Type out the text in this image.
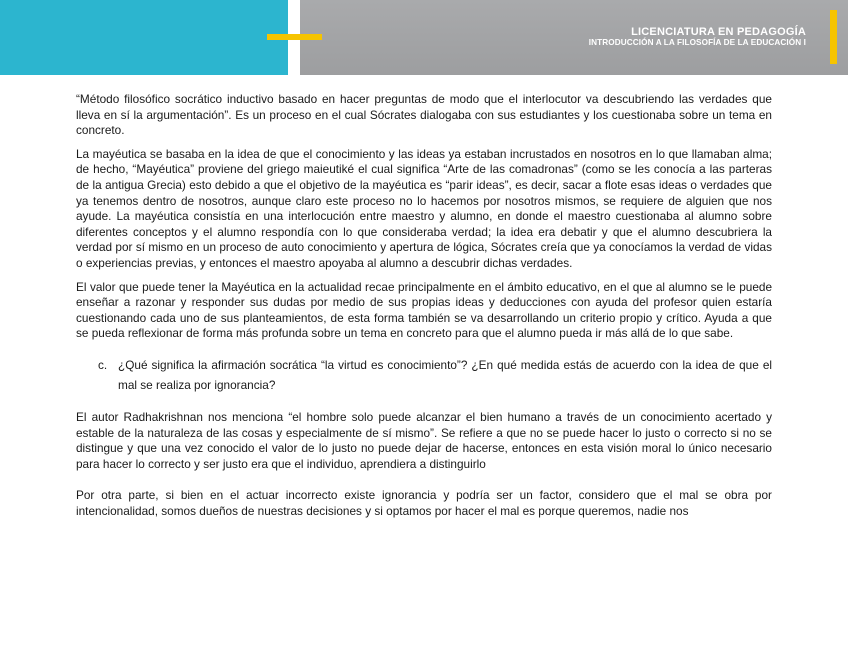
LICENCIATURA EN PEDAGOGÍA
INTRODUCCIÓN A LA FILOSOFÍA DE LA EDUCACIÓN I

“Método filosófico socrático inductivo basado en hacer preguntas de modo que el interlocutor va descubriendo las verdades que lleva en sí la argumentación”. Es un proceso en el cual Sócrates dialogaba con sus estudiantes y los cuestionaba sobre un tema en concreto.

La mayéutica se basaba en la idea de que el conocimiento y las ideas ya estaban incrustados en nosotros en lo que llamaban alma; de hecho, “Mayéutica” proviene del griego maieutiké el cual significa “Arte de las comadronas” (como se les conocía a las parteras de la antigua Grecia) esto debido a que el objetivo de la mayéutica es “parir ideas”, es decir, sacar a flote esas ideas o verdades que ya tenemos dentro de nosotros, aunque claro este proceso no lo hacemos por nosotros mismos, se requiere de alguien que nos ayude. La mayéutica consistía en una interlocución entre maestro y alumno, en donde el maestro cuestionaba al alumno sobre diferentes conceptos y el alumno respondía con lo que consideraba verdad; la idea era debatir y que el alumno descubriera la verdad por sí mismo en un proceso de auto conocimiento y apertura de lógica, Sócrates creía que ya conocíamos la verdad de vidas o experiencias previas, y entonces el maestro apoyaba al alumno a descubrir dichas verdades.

El valor que puede tener la Mayéutica en la actualidad recae principalmente en el ámbito educativo, en el que al alumno se le puede enseñar a razonar y responder sus dudas por medio de sus propias ideas y deducciones con ayuda del profesor quien estaría cuestionando cada uno de sus planteamientos, de esta forma también se va desarrollando un criterio propio y crítico. Ayuda a que se pueda reflexionar de forma más profunda sobre un tema en concreto para que el alumno pueda ir más allá de lo que sabe.

c. ¿Qué significa la afirmación socrática “la virtud es conocimiento”? ¿En qué medida estás de acuerdo con la idea de que el mal se realiza por ignorancia?

El autor Radhakrishnan nos menciona “el hombre solo puede alcanzar el bien humano a través de un conocimiento acertado y estable de la naturaleza de las cosas y especialmente de sí mismo”. Se refiere a que no se puede hacer lo justo o correcto si no se distingue y que una vez conocido el valor de lo justo no puede dejar de hacerse, entonces en esta visión moral lo único necesario para hacer lo correcto y ser justo era que el individuo, aprendiera a distinguirlo

Por otra parte, si bien en el actuar incorrecto existe ignorancia y podría ser un factor, considero que el mal se obra por intencionalidad, somos dueños de nuestras decisiones y si optamos por hacer el mal es porque queremos, nadie nos
